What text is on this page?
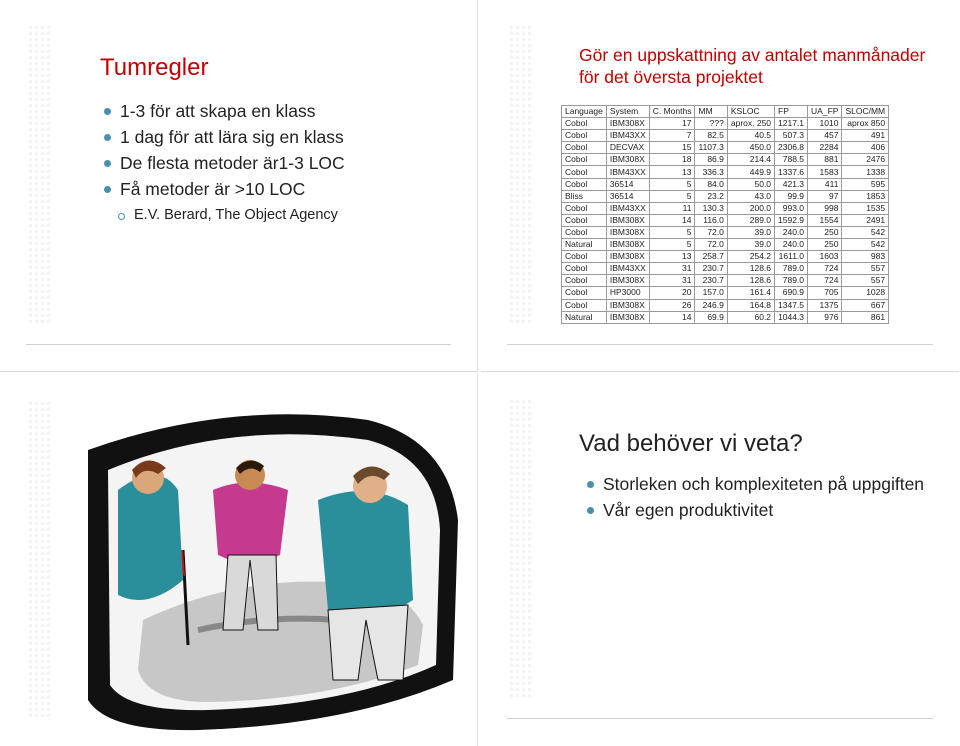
Tumregler
1-3 för att skapa en klass
1 dag för att lära sig en klass
De flesta metoder är1-3 LOC
Få metoder är >10 LOC
E.V. Berard, The Object Agency
Gör en uppskattning av antalet manmånader
för det översta projektet
Language	System	C. Months	MM	KSLOC	FP	UA_FP	SLOC/MM
Cobol	IBM308X	17	???	aprox. 250	1217.1	1010	aprox 850
Cobol	IBM43XX	7	82.5	40.5	507.3	457	491
Cobol	DECVAX	15	1107.3	450.0	2306.8	2284	406
Cobol	IBM308X	18	86.9	214.4	788.5	881	2476
Cobol	IBM43XX	13	336.3	449.9	1337.6	1583	1338
Cobol	36514	5	84.0	50.0	421.3	411	595
Bliss	36514	5	23.2	43.0	99.9	97	1853
Cobol	IBM43XX	11	130.3	200.0	993.0	998	1535
Cobol	IBM308X	14	116.0	289.0	1592.9	1554	2491
Cobol	IBM308X	5	72.0	39.0	240.0	250	542
Natural	IBM308X	5	72.0	39.0	240.0	250	542
Cobol	IBM308X	13	258.7	254.2	1611.0	1603	983
Cobol	IBM43XX	31	230.7	128.6	789.0	724	557
Cobol	IBM308X	31	230.7	128.6	789.0	724	557
Cobol	HP3000	20	157.0	161.4	690.9	705	1028
Cobol	IBM308X	26	246.9	164.8	1347.5	1375	667
Natural	IBM308X	14	69.9	60.2	1044.3	976	861
Vad behöver vi veta?
Storleken och komplexiteten på uppgiften
Vår egen produktivitet
